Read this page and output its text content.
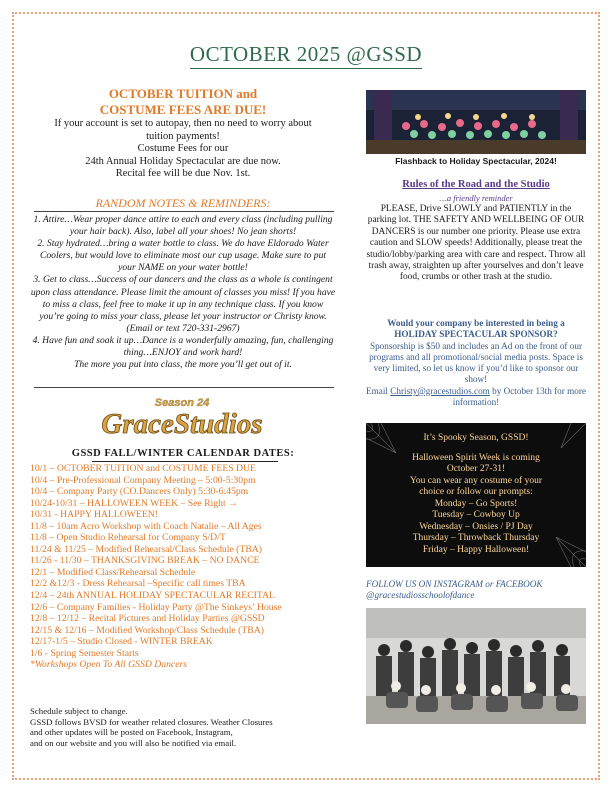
OCTOBER 2025 @GSSD
OCTOBER TUITION and
COSTUME FEES ARE DUE!
If your account is set to autopay, then no need to worry about
tuition payments!
Costume Fees for our
24th Annual Holiday Spectacular are due now.
Recital fee will be due Nov. 1st.
RANDOM NOTES & REMINDERS:

1. Attire…Wear proper dance attire to each and every class (including pulling your hair back). Also, label all your shoes! No jean shorts!

2. Stay hydrated…bring a water bottle to class. We do have Eldorado Water Coolers, but would love to eliminate most our cup usage. Make sure to put your NAME on your water bottle!

3. Get to class…Success of our dancers and the class as a whole is contingent upon class attendance. Please limit the amount of classes you miss! If you have to miss a class, feel free to make it up in any technique class. If you know you’re going to miss your class, please let your instructor or Christy know.(Email or text 720-331-2967)

4. Have fun and soak it up…Dance is a wonderfully amazing, fun, challenging thing…ENJOY and work hard!

The more you put into class, the more you’ll get out of it.

Season 24
GraceStudios
GSSD FALL/WINTER CALENDAR DATES:
10/1 – OCTOBER TUITION and COSTUME FEES DUE
10/4 – Pre-Professional Company Meeting – 5:00-5:30pm
10/4 – Company Party (CO.Dancers Only) 5:30-6:45pm
10/24-10/31 – HALLOWEEN WEEK – See Right →
10/31 - HAPPY HALLOWEEN!
11/8 – 10am Acro Workshop with Coach Natalie – All Ages
11/8 – Open Studio Rehearsal for Company S/D/T
11/24 & 11/25 – Modified Rehearsal/Class Schedule (TBA)
11/26 - 11/30 – THANKSGIVING BREAK – NO DANCE
12/1 – Modified Class/Rehearsal Schedule
12/2 &12/3 - Dress Rehearsal –Specific call times TBA
12/4 – 24th ANNUAL HOLIDAY SPECTACULAR RECITAL
12/6 – Company Families - Holiday Party @The Sinkeys’ House
12/8 – 12/12 – Recital Pictures and Holiday Parties @GSSD
12/15 & 12/16 – Modified Workshop/Class Schedule (TBA)
12/17-1/5 – Studio Closed - WINTER BREAK
1/6 - Spring Semester Starts
*Workshops Open To All GSSD Dancers
Schedule subject to change.
GSSD follows BVSD for weather related closures. Weather Closures
and other updates will be posted on Facebook, Instagram,
and on our website and you will also be notified via email.
Flashback to Holiday Spectacular, 2024!
Rules of the Road and the Studio
…a friendly reminder
PLEASE, Drive SLOWLY and PATIENTLY in the parking lot. THE SAFETY AND WELLBEING OF OUR DANCERS is our number one priority. Please use extra caution and SLOW speeds! Additionally, please treat the studio/lobby/parking area with care and respect. Throw all trash away, straighten up after yourselves and don’t leave food, crumbs or other trash at the studio.
Would your company be interested in being a
HOLIDAY SPECTACULAR SPONSOR?
Sponsorship is $50 and includes an Ad on the front of our programs and all promotional/social media posts. Space is very limited, so let us know if you’d like to sponsor our show!
Email Christy@gracestudios.com by October 13th for more information!

It’s Spooky Season, GSSD!

Halloween Spirit Week is coming

October 27-31!

You can wear any costume of your

choice or follow our prompts:

Monday – Go Sports!

Tuesday – Cowboy Up

Wednesday – Onsies / PJ Day

Thursday – Throwback Thursday

Friday – Happy Halloween!

FOLLOW US ON INSTAGRAM or FACEBOOK
@gracestudiosschoolofdance
